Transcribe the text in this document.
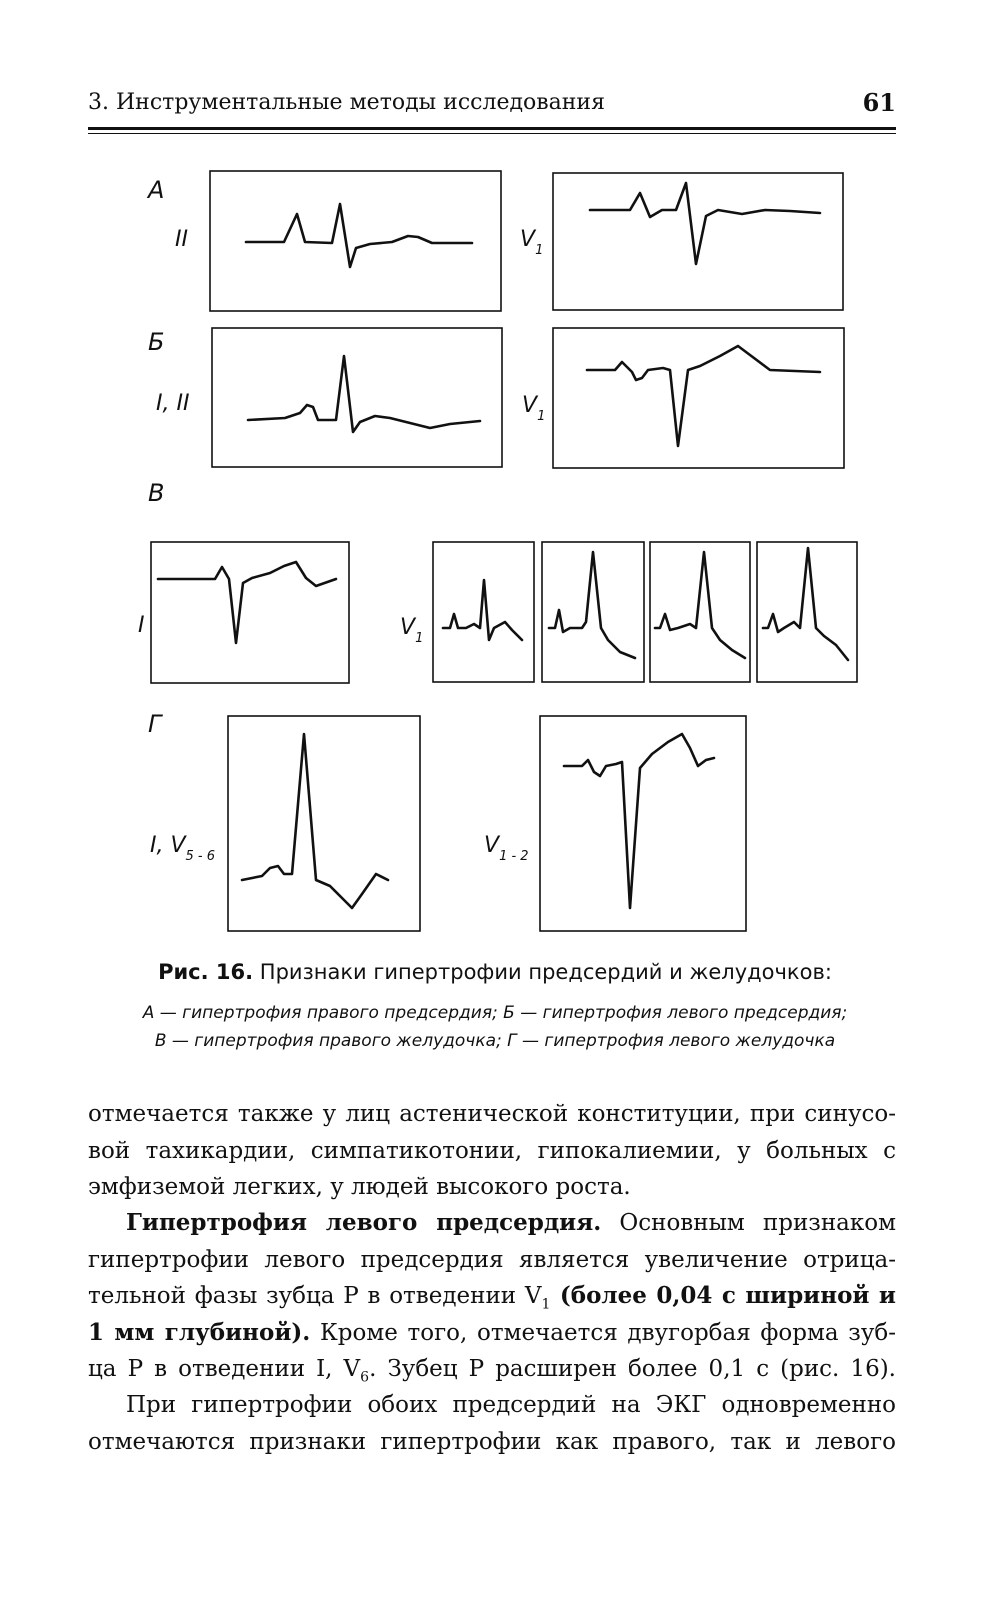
3. Инструментальные методы исследования	61
А
II	$V_1$
Б
I, II	$V_1$
В
I	$V_1$
Г
I, $V_{5 - 6}$	$V_{1 - 2}$
Рис. 16. Признаки гипертрофии предсердий и желудочков:
А — гипертрофия правого предсердия; Б — гипертрофия левого предсердия;
В — гипертрофия правого желудочка; Г — гипертрофия левого желудочка
отмечается также у лиц астенической конституции, при синусо-
вой тахикардии, симпатикотонии, гипокалиемии, у больных с
эмфиземой легких, у людей высокого роста.
Гипертрофия левого предсердия. Основным признаком
гипертрофии левого предсердия является увеличение отрица-
тельной фазы зубца Р в отведении $V_1$ (более 0,04 с шириной и
1 мм глубиной). Кроме того, отмечается двугорбая форма зуб-
ца Р в отведении I, $V_6$. Зубец Р расширен более 0,1 с (рис. 16).
При гипертрофии обоих предсердий на ЭКГ одновременно
отмечаются признаки гипертрофии как правого, так и левого
